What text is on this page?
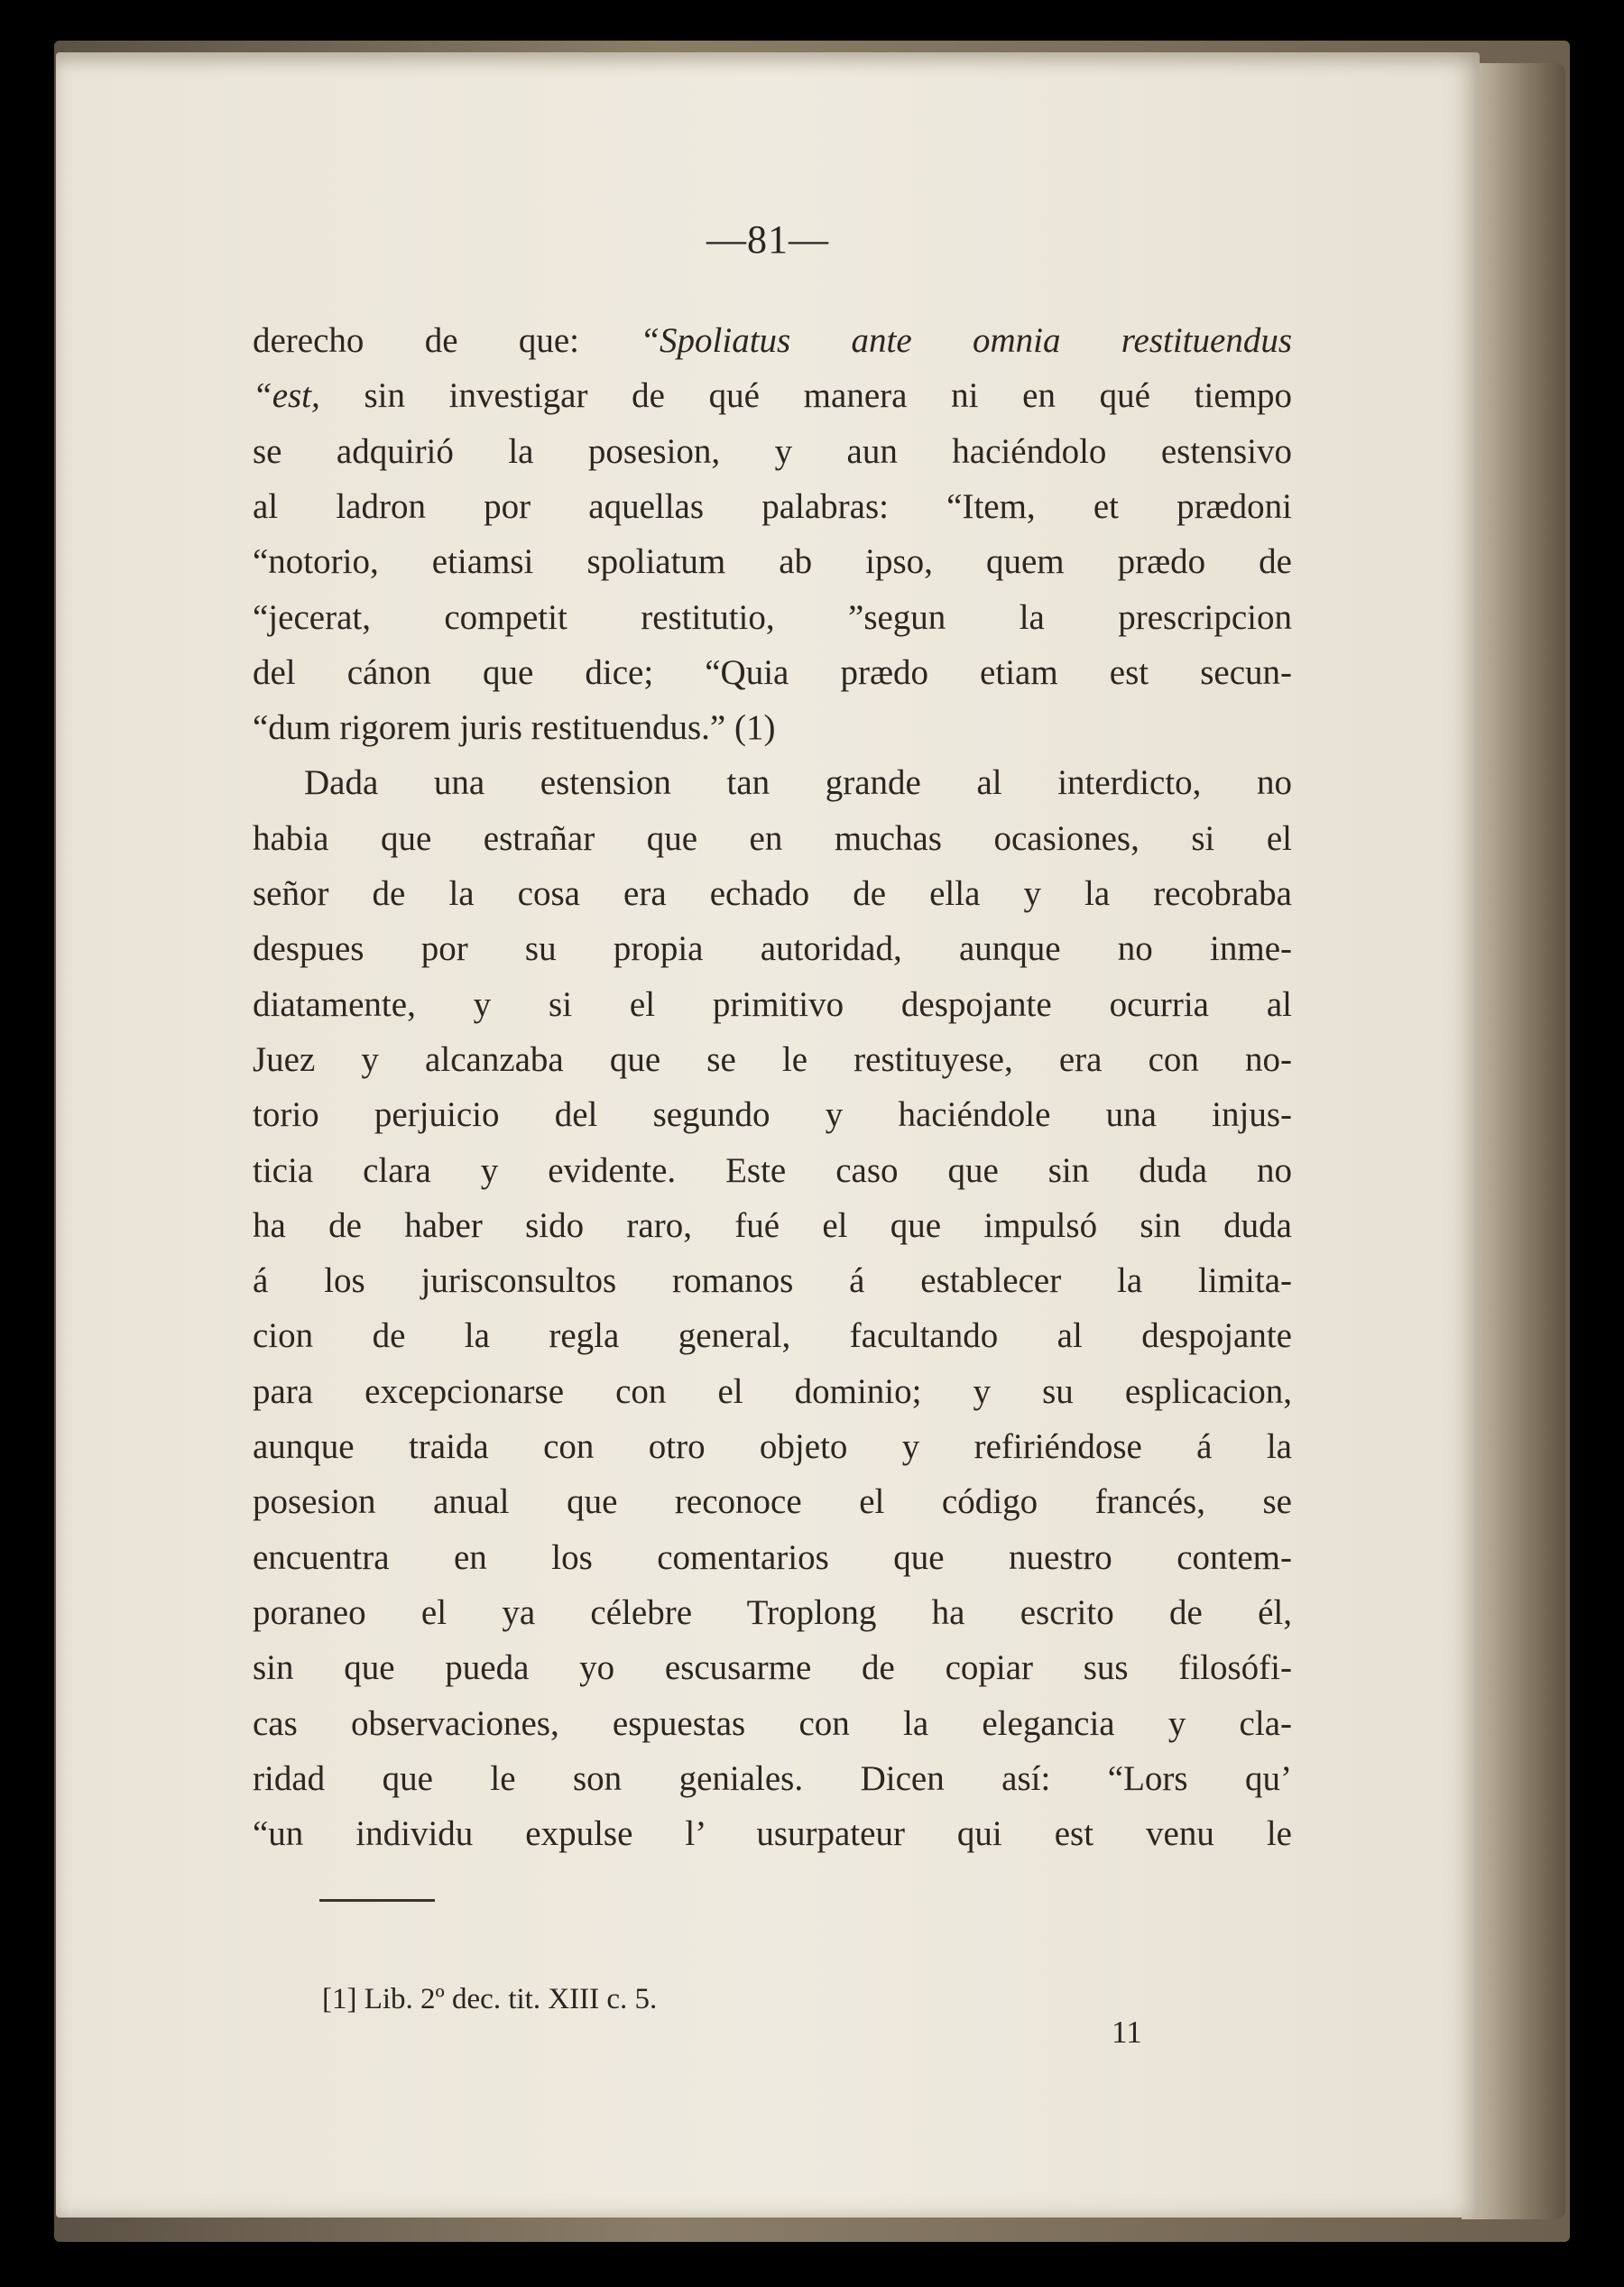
—81—
[1] Lib. 2º dec. tit. XIII c. 5.
11
derecho de que: “Spoliatus ante omnia restituendus
“est, sin investigar de qué manera ni en qué tiempo
se adquirió la posesion, y aun haciéndolo estensivo
al ladron por aquellas palabras: “Item, et prædoni
“notorio, etiamsi spoliatum ab ipso, quem prædo de
“jecerat, competit restitutio, ”segun la prescripcion
del cánon que dice; “Quia prædo etiam est secun-
“dum rigorem juris restituendus.” (1)
Dada una estension tan grande al interdicto, no
habia que estrañar que en muchas ocasiones, si el
señor de la cosa era echado de ella y la recobraba
despues por su propia autoridad, aunque no inme-
diatamente, y si el primitivo despojante ocurria al
Juez y alcanzaba que se le restituyese, era con no-
torio perjuicio del segundo y haciéndole una injus-
ticia clara y evidente. Este caso que sin duda no
ha de haber sido raro, fué el que impulsó sin duda
á los jurisconsultos romanos á establecer la limita-
cion de la regla general, facultando al despojante
para excepcionarse con el dominio; y su esplicacion,
aunque traida con otro objeto y refiriéndose á la
posesion anual que reconoce el código francés, se
encuentra en los comentarios que nuestro contem-
poraneo el ya célebre Troplong ha escrito de él,
sin que pueda yo escusarme de copiar sus filosófi-
cas observaciones, espuestas con la elegancia y cla-
ridad que le son geniales. Dicen así: “Lors qu’
“un individu expulse l’ usurpateur qui est venu le
